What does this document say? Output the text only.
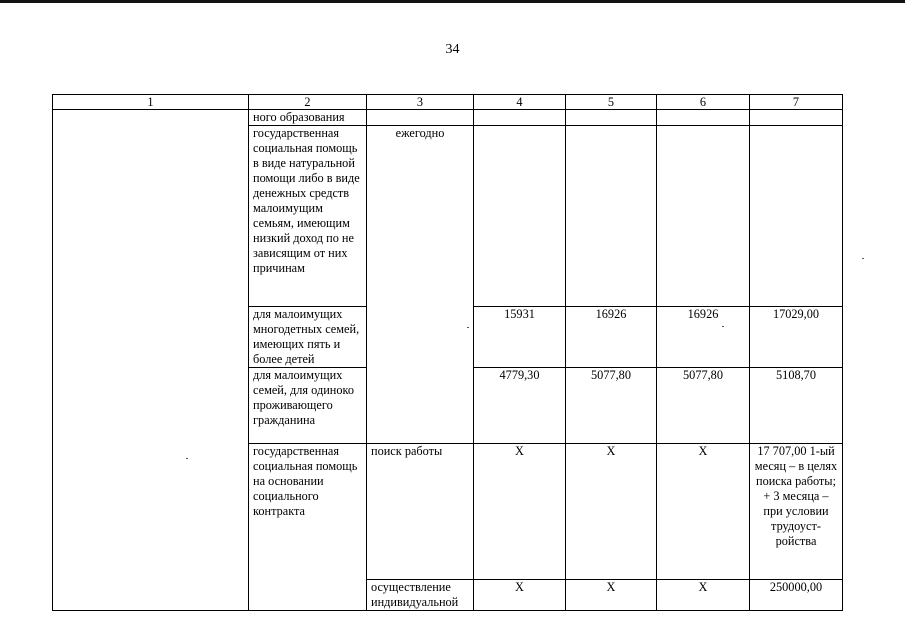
34
1	2	3	4	5	6	7
	ного образования					
	государственная социальная помощь в виде натуральной помощи либо в виде денежных средств малоимущим семьям, имеющим низкий доход по не зависящим от них причинам	ежегодно				
	для малоимущих многодетных семей, имеющих пять и более детей		15931	16926	16926	17029,00
	для малоимущих семей, для одиноко проживающего гражданина		4779,30	5077,80	5077,80	5108,70
	государственная социальная помощь на основании социального контракта	поиск работы	X	X	X	17 707,00 1-ый месяц – в целях поиска работы; + 3 месяца – при условии трудоуст-ройства
		осуществление индивидуальной	X	X	X	250000,00
